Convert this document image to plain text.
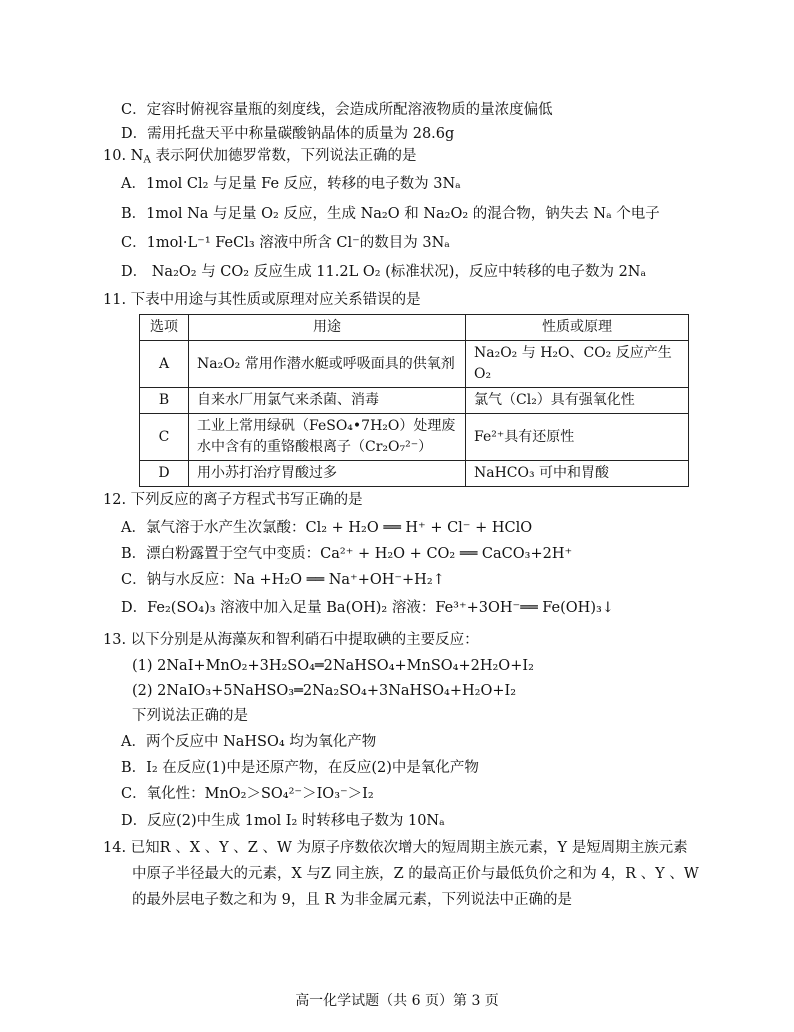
C．定容时俯视容量瓶的刻度线，会造成所配溶液物质的量浓度偏低
D．需用托盘天平中称量碳酸钠晶体的质量为 28.6g
10. $N_A$ 表示阿伏加德罗常数，下列说法正确的是
A．1mol Cl₂ 与足量 Fe 反应，转移的电子数为 3Nₐ
B．1mol Na 与足量 O₂ 反应，生成 Na₂O 和 Na₂O₂ 的混合物，钠失去 Nₐ 个电子
C．1mol·L⁻¹ FeCl₃ 溶液中所含 Cl⁻的数目为 3Nₐ
D． Na₂O₂ 与 CO₂ 反应生成 11.2L O₂ (标准状况)，反应中转移的电子数为 2Nₐ
11. 下表中用途与其性质或原理对应关系错误的是
选项	用途	性质或原理
A	Na₂O₂ 常用作潜水艇或呼吸面具的供氧剂	Na₂O₂ 与 H₂O、CO₂ 反应产生 O₂
B	自来水厂用氯气来杀菌、消毒	氯气（Cl₂）具有强氧化性
C	工业上常用绿矾（FeSO₄•7H₂O）处理废水中含有的重铬酸根离子（Cr₂O₇²⁻）	Fe²⁺具有还原性
D	用小苏打治疗胃酸过多	NaHCO₃ 可中和胃酸
12. 下列反应的离子方程式书写正确的是
A．氯气溶于水产生次氯酸：Cl₂ + H₂O ══ H⁺ + Cl⁻ + HClO
B．漂白粉露置于空气中变质：Ca²⁺ + H₂O + CO₂ ══ CaCO₃+2H⁺
C．钠与水反应：Na +H₂O ══ Na⁺+OH⁻+H₂↑
D．Fe₂(SO₄)₃ 溶液中加入足量 Ba(OH)₂ 溶液：Fe³⁺+3OH⁻══ Fe(OH)₃↓
13. 以下分别是从海藻灰和智利硝石中提取碘的主要反应：
(1) 2NaI+MnO₂+3H₂SO₄═2NaHSO₄+MnSO₄+2H₂O+I₂
(2) 2NaIO₃+5NaHSO₃═2Na₂SO₄+3NaHSO₄+H₂O+I₂
下列说法正确的是
A．两个反应中 NaHSO₄ 均为氧化产物
B．I₂ 在反应(1)中是还原产物，在反应(2)中是氧化产物
C．氧化性：MnO₂＞SO₄²⁻＞IO₃⁻＞I₂
D．反应(2)中生成 1mol I₂ 时转移电子数为 10Nₐ
14. 已知R 、X 、Y 、Z 、W 为原子序数依次增大的短周期主族元素，Y 是短周期主族元素
中原子半径最大的元素，X 与Z 同主族，Z 的最高正价与最低负价之和为 4，R 、Y 、W
的最外层电子数之和为 9，且 R 为非金属元素，下列说法中正确的是
高一化学试题（共 6 页）第 3 页
